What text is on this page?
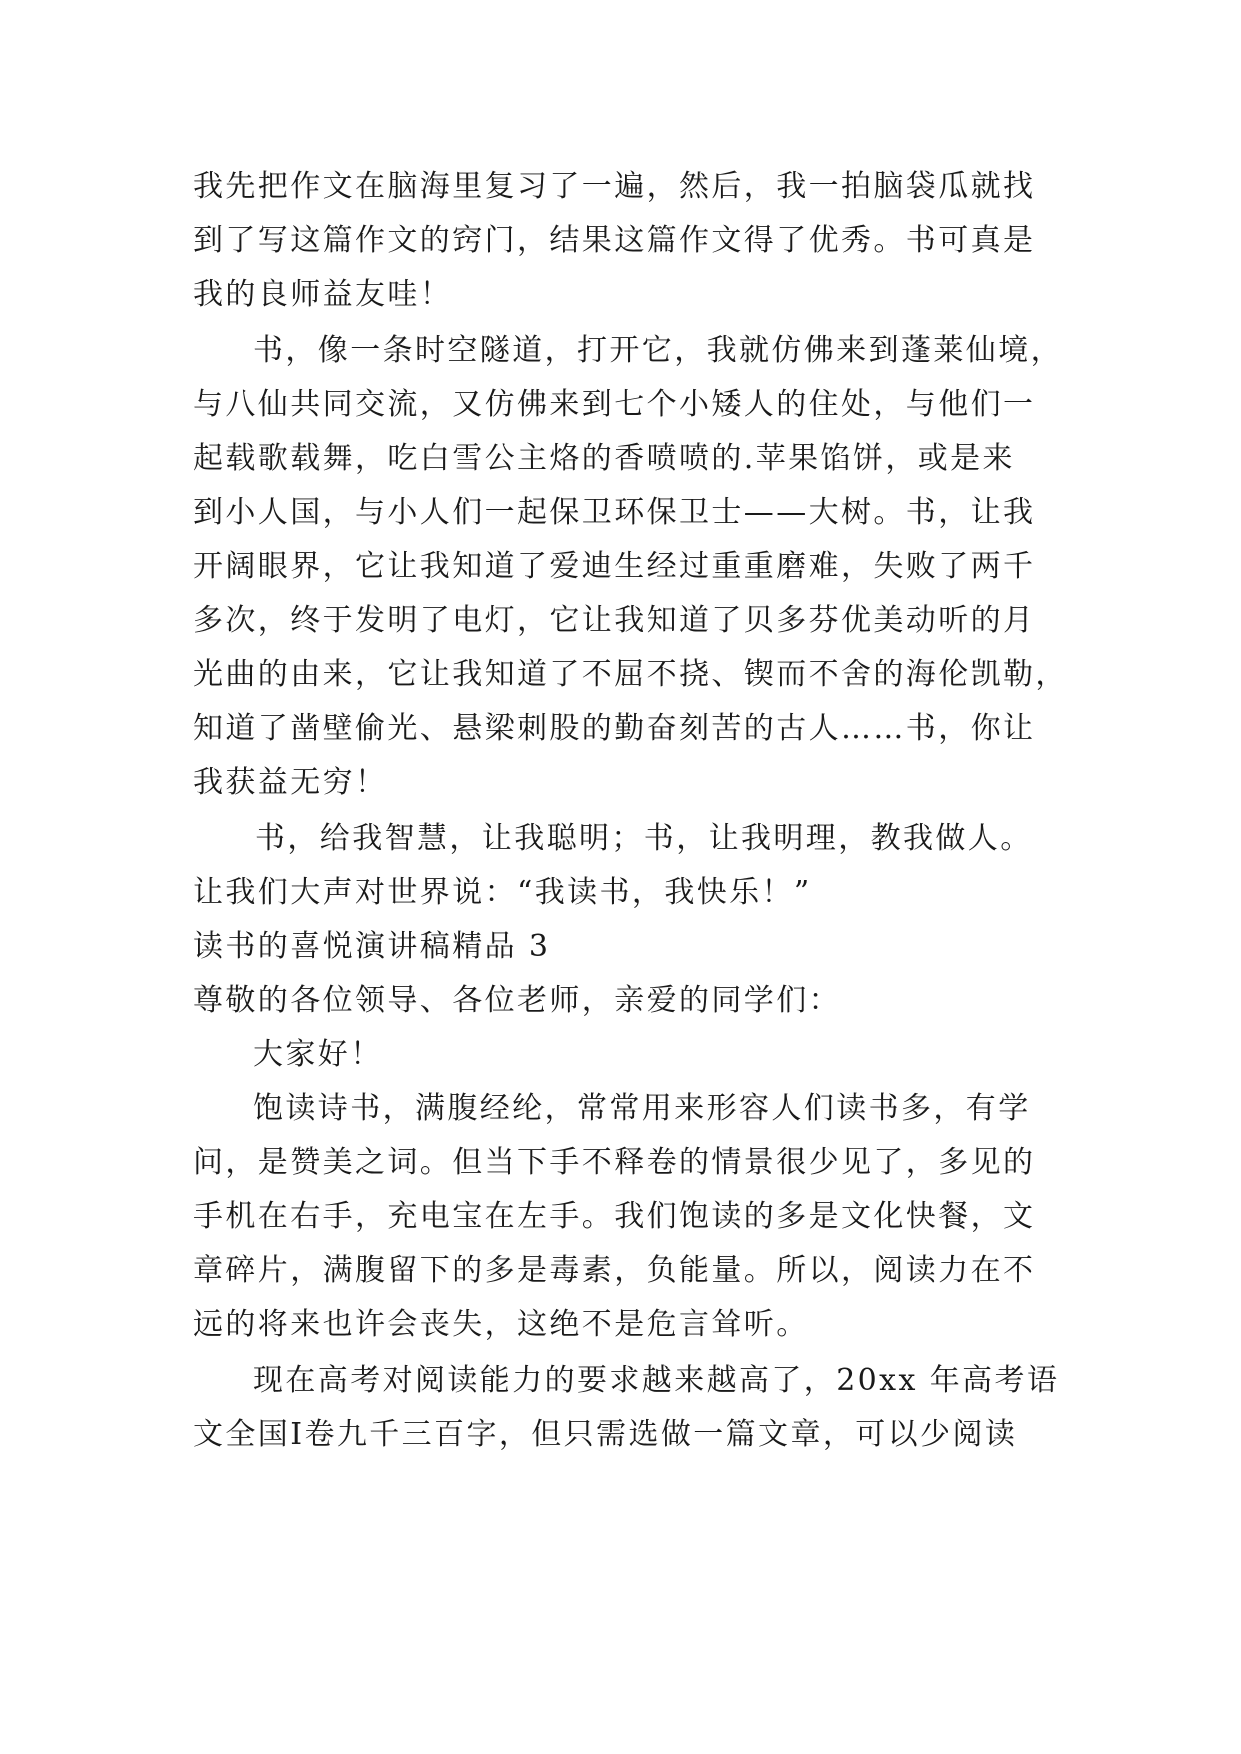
我先把作文在脑海里复习了一遍，然后，我一拍脑袋瓜就找
到了写这篇作文的窍门，结果这篇作文得了优秀。书可真是
我的良师益友哇！
书，像一条时空隧道，打开它，我就仿佛来到蓬莱仙境，
与八仙共同交流，又仿佛来到七个小矮人的住处，与他们一
起载歌载舞，吃白雪公主烙的香喷喷的.苹果馅饼，或是来
到小人国，与小人们一起保卫环保卫士——大树。书，让我
开阔眼界，它让我知道了爱迪生经过重重磨难，失败了两千
多次，终于发明了电灯，它让我知道了贝多芬优美动听的月
光曲的由来，它让我知道了不屈不挠、锲而不舍的海伦凯勒，
知道了凿壁偷光、悬梁刺股的勤奋刻苦的古人……书，你让
我获益无穷！
书，给我智慧，让我聪明；书，让我明理，教我做人。
让我们大声对世界说：“我读书，我快乐！”
读书的喜悦演讲稿精品 3
尊敬的各位领导、各位老师，亲爱的同学们：
大家好！
饱读诗书，满腹经纶，常常用来形容人们读书多，有学
问，是赞美之词。但当下手不释卷的情景很少见了，多见的
手机在右手，充电宝在左手。我们饱读的多是文化快餐，文
章碎片，满腹留下的多是毒素，负能量。所以，阅读力在不
远的将来也许会丧失，这绝不是危言耸听。
现在高考对阅读能力的要求越来越高了，20xx 年高考语
文全国Ⅰ卷九千三百字，但只需选做一篇文章，可以少阅读
